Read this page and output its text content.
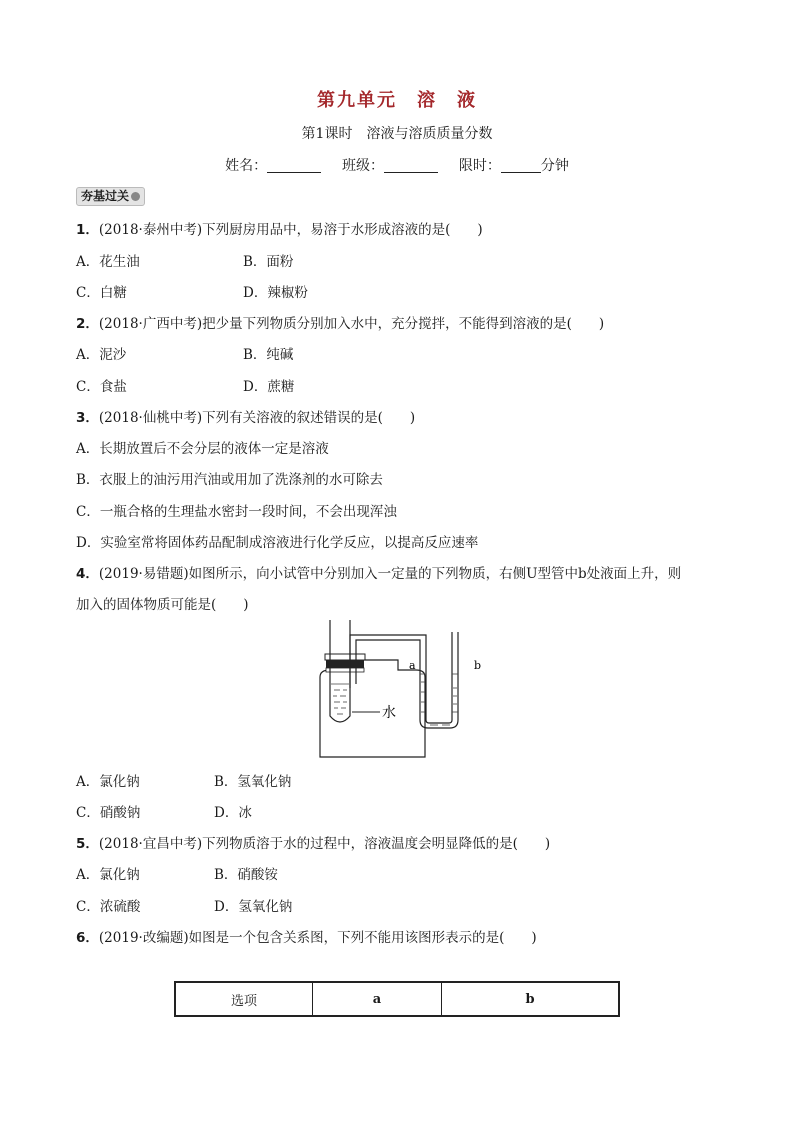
第九单元　溶　液
第1课时　溶液与溶质质量分数
姓名：	班级：	限时：	分钟
夯基过关
1．(2018·泰州中考)下列厨房用品中，易溶于水形成溶液的是(　　)
A．花生油	B．面粉
C．白糖	D．辣椒粉
2．(2018·广西中考)把少量下列物质分别加入水中，充分搅拌，不能得到溶液的是(　　)
A．泥沙	B．纯碱
C．食盐	D．蔗糖
3．(2018·仙桃中考)下列有关溶液的叙述错误的是(　　)
A．长期放置后不会分层的液体一定是溶液
B．衣服上的油污用汽油或用加了洗涤剂的水可除去
C．一瓶合格的生理盐水密封一段时间，不会出现浑浊
D．实验室常将固体药品配制成溶液进行化学反应，以提高反应速率
4．(2019·易错题)如图所示，向小试管中分别加入一定量的下列物质，右侧U型管中b处液面上升，则
加入的固体物质可能是(　　)
a	b
水
A．氯化钠	B．氢氧化钠
C．硝酸钠	D．冰
5．(2018·宜昌中考)下列物质溶于水的过程中，溶液温度会明显降低的是(　　)
A．氯化钠	B．硝酸铵
C．浓硫酸	D．氢氧化钠
6．(2019·改编题)如图是一个包含关系图，下列不能用该图形表示的是(　　)
选项	a	b
